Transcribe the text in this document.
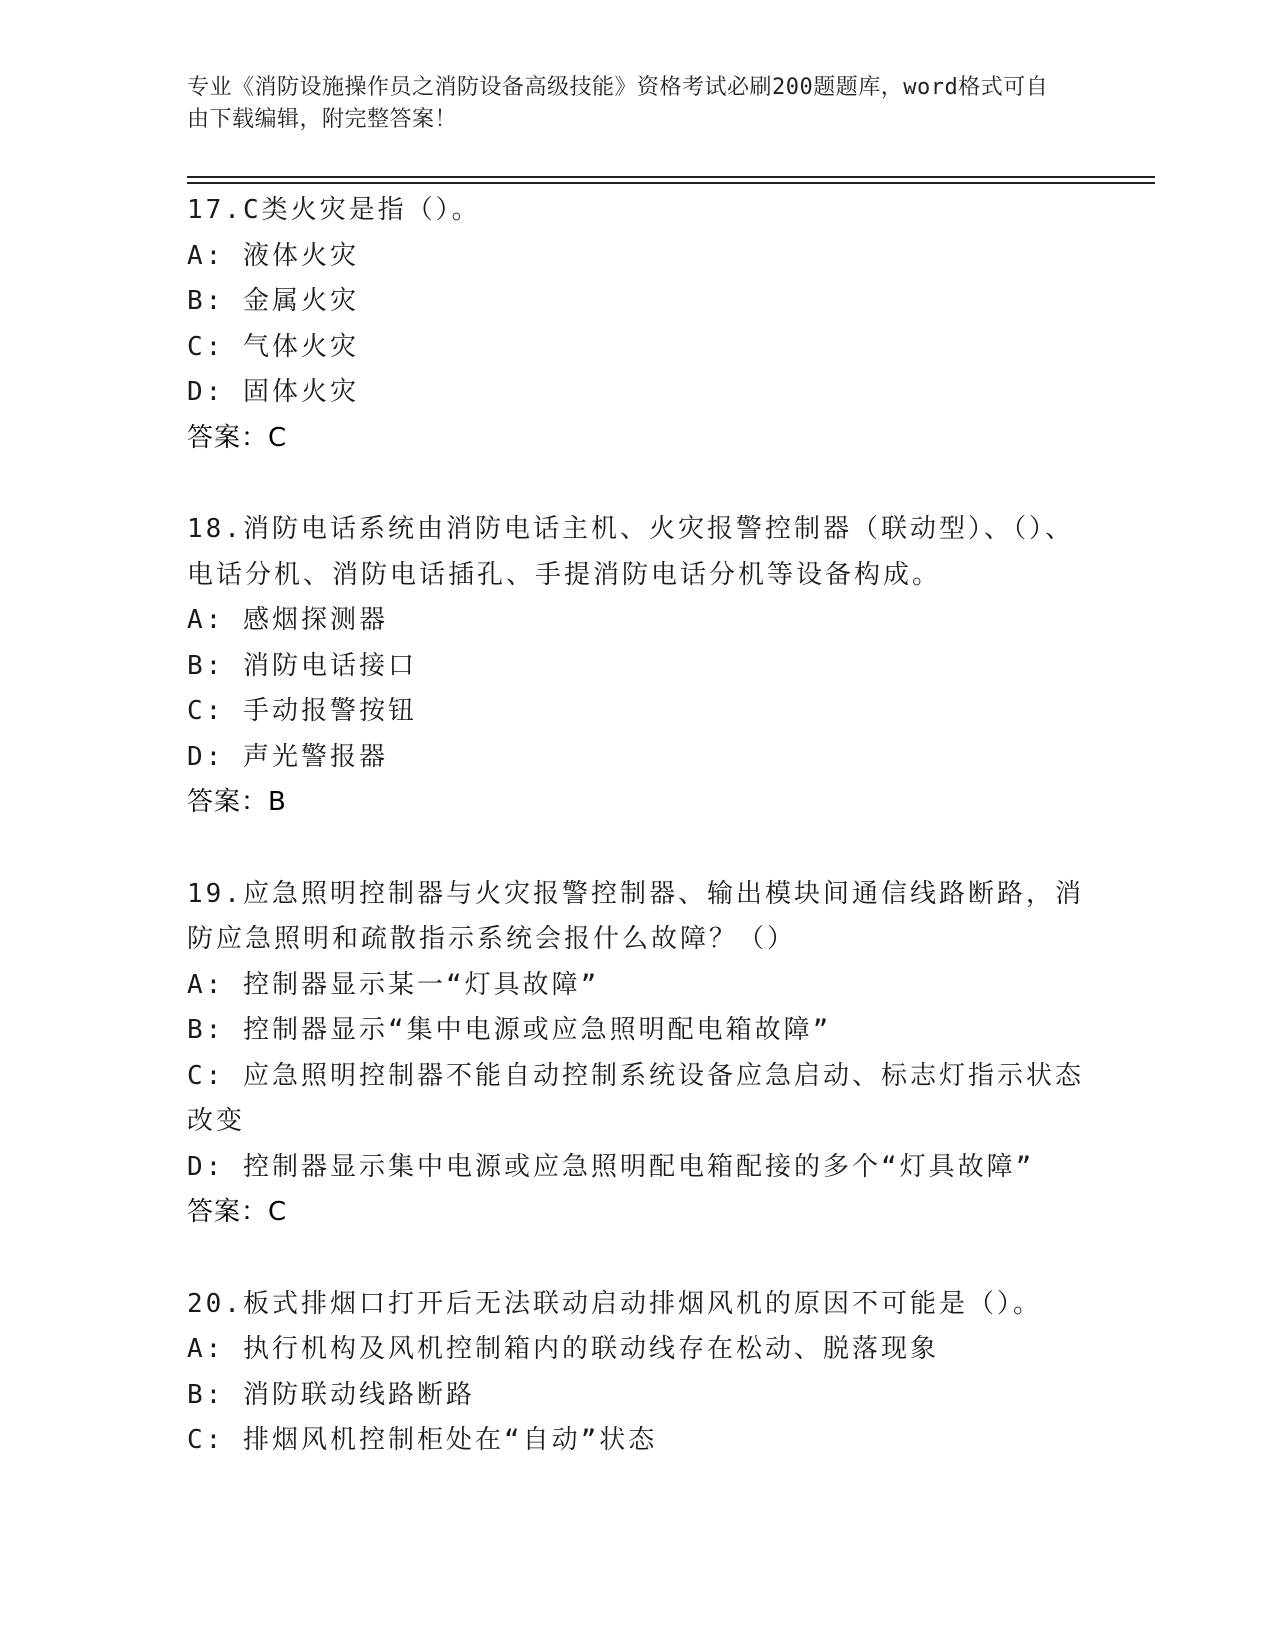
专业《消防设施操作员之消防设备高级技能》资格考试必刷200题题库，word格式可自由下载编辑，附完整答案！
17.C类火灾是指（）。
A: 液体火灾
B: 金属火灾
C: 气体火灾
D: 固体火灾
答案：C
18.消防电话系统由消防电话主机、火灾报警控制器（联动型）、（）、电话分机、消防电话插孔、手提消防电话分机等设备构成。
A: 感烟探测器
B: 消防电话接口
C: 手动报警按钮
D: 声光警报器
答案：B
19.应急照明控制器与火灾报警控制器、输出模块间通信线路断路，消防应急照明和疏散指示系统会报什么故障？（）
A: 控制器显示某一“灯具故障”
B: 控制器显示“集中电源或应急照明配电箱故障”
C: 应急照明控制器不能自动控制系统设备应急启动、标志灯指示状态改变
D: 控制器显示集中电源或应急照明配电箱配接的多个“灯具故障”
答案：C
20.板式排烟口打开后无法联动启动排烟风机的原因不可能是（）。
A: 执行机构及风机控制箱内的联动线存在松动、脱落现象
B: 消防联动线路断路
C: 排烟风机控制柜处在“自动”状态
